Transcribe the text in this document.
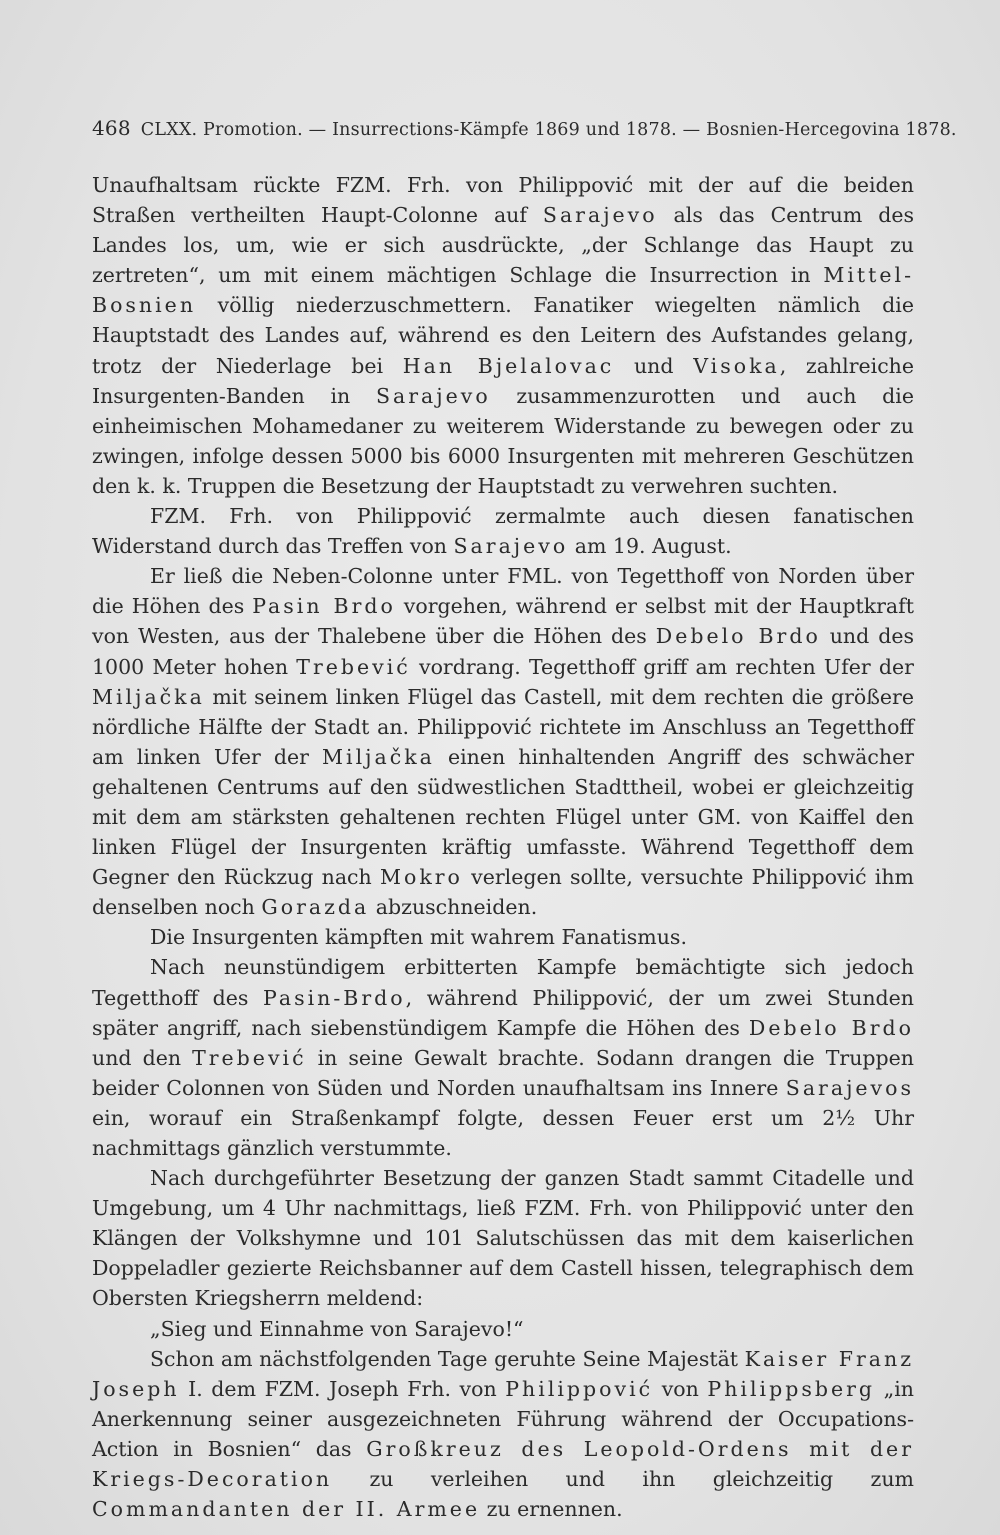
468 CLXX. Promotion. — Insurrections-Kämpfe 1869 und 1878. — Bosnien-Hercegovina 1878.

Unaufhaltsam rückte FZM. Frh. von Philippović mit der auf die beiden Straßen vertheilten Haupt-Colonne auf Sarajevo als das Centrum des Landes los, um, wie er sich ausdrückte, „der Schlange das Haupt zu zertreten“, um mit einem mächtigen Schlage die Insurrection in Mittel-Bosnien völlig niederzuschmettern. Fanatiker wiegelten nämlich die Hauptstadt des Landes auf, während es den Leitern des Aufstandes gelang, trotz der Niederlage bei Han Bjelalovac und Visoka, zahlreiche Insurgenten-Banden in Sarajevo zusammenzurotten und auch die einheimischen Mohamedaner zu weiterem Widerstande zu bewegen oder zu zwingen, infolge dessen 5000 bis 6000 Insurgenten mit mehreren Geschützen den k. k. Truppen die Besetzung der Hauptstadt zu verwehren suchten.

FZM. Frh. von Philippović zermalmte auch diesen fanatischen Widerstand durch das Treffen von Sarajevo am 19. August.

Er ließ die Neben-Colonne unter FML. von Tegetthoff von Norden über die Höhen des Pasin Brdo vorgehen, während er selbst mit der Hauptkraft von Westen, aus der Thalebene über die Höhen des Debelo Brdo und des 1000 Meter hohen Trebević vordrang. Tegetthoff griff am rechten Ufer der Miljačka mit seinem linken Flügel das Castell, mit dem rechten die größere nördliche Hälfte der Stadt an. Philippović richtete im Anschluss an Tegetthoff am linken Ufer der Miljačka einen hinhaltenden Angriff des schwächer gehaltenen Centrums auf den südwestlichen Stadttheil, wobei er gleichzeitig mit dem am stärksten gehaltenen rechten Flügel unter GM. von Kaiffel den linken Flügel der Insurgenten kräftig umfasste. Während Tegetthoff dem Gegner den Rückzug nach Mokro verlegen sollte, versuchte Philippović ihm denselben noch Gorazda abzuschneiden.

Die Insurgenten kämpften mit wahrem Fanatismus.

Nach neunstündigem erbitterten Kampfe bemächtigte sich jedoch Tegetthoff des Pasin-Brdo, während Philippović, der um zwei Stunden später angriff, nach siebenstündigem Kampfe die Höhen des Debelo Brdo und den Trebević in seine Gewalt brachte. Sodann drangen die Truppen beider Colonnen von Süden und Norden unaufhaltsam ins Innere Sarajevos ein, worauf ein Straßenkampf folgte, dessen Feuer erst um 2½ Uhr nachmittags gänzlich verstummte.

Nach durchgeführter Besetzung der ganzen Stadt sammt Citadelle und Umgebung, um 4 Uhr nachmittags, ließ FZM. Frh. von Philippović unter den Klängen der Volkshymne und 101 Salutschüssen das mit dem kaiserlichen Doppeladler gezierte Reichsbanner auf dem Castell hissen, telegraphisch dem Obersten Kriegsherrn meldend:

„Sieg und Einnahme von Sarajevo!“

Schon am nächstfolgenden Tage geruhte Seine Majestät Kaiser Franz Joseph I. dem FZM. Joseph Frh. von Philippović von Philippsberg „in Anerkennung seiner ausgezeichneten Führung während der Occupations-Action in Bosnien“ das Großkreuz des Leopold-Ordens mit der Kriegs-Decoration zu verleihen und ihn gleichzeitig zum Commandanten der II. Armee zu ernennen.
